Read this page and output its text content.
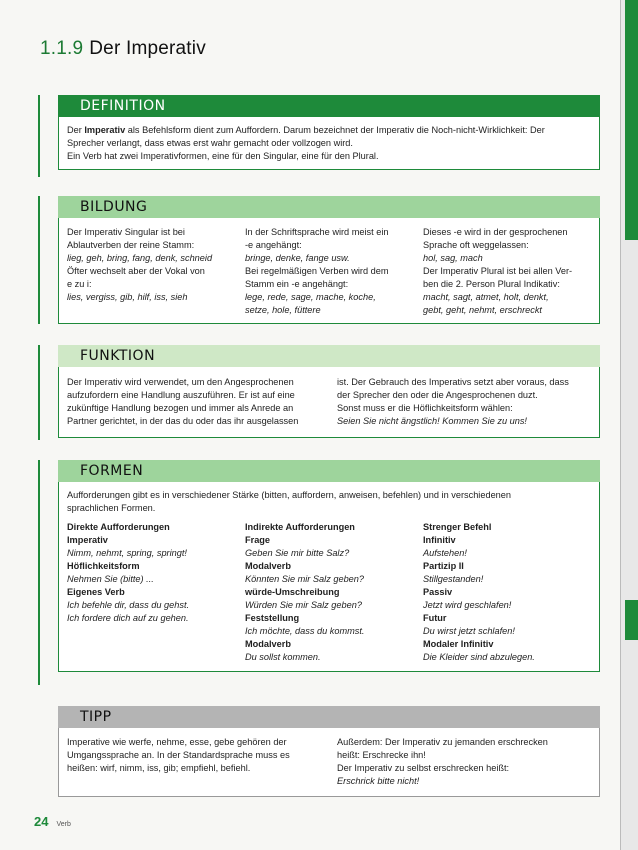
1.1.9 Der Imperativ
DEFINITION
Der Imperativ als Befehlsform dient zum Auffordern. Darum bezeichnet der Imperativ die Noch-nicht-Wirklichkeit: Der
Sprecher verlangt, dass etwas erst wahr gemacht oder vollzogen wird.
Ein Verb hat zwei Imperativformen, eine für den Singular, eine für den Plural.
BILDUNG
Der Imperativ Singular ist bei
Ablautverben der reine Stamm:
lieg, geh, bring, fang, denk, schneid
Öfter wechselt aber der Vokal von
e zu i:
lies, vergiss, gib, hilf, iss, sieh
In der Schriftsprache wird meist ein
-e angehängt:
bringe, denke, fange usw.
Bei regelmäßigen Verben wird dem
Stamm ein -e angehängt:
lege, rede, sage, mache, koche,
setze, hole, füttere
Dieses -e wird in der gesprochenen
Sprache oft weggelassen:
hol, sag, mach
Der Imperativ Plural ist bei allen Ver-
ben die 2. Person Plural Indikativ:
macht, sagt, atmet, holt, denkt,
gebt, geht, nehmt, erschreckt
FUNKTION
Der Imperativ wird verwendet, um den Angesprochenen
aufzufordern eine Handlung auszuführen. Er ist auf eine
zukünftige Handlung bezogen und immer als Anrede an
Partner gerichtet, in der das du oder das ihr ausgelassen
ist. Der Gebrauch des Imperativs setzt aber voraus, dass
der Sprecher den oder die Angesprochenen duzt.
Sonst muss er die Höflichkeitsform wählen:
Seien Sie nicht ängstlich! Kommen Sie zu uns!
FORMEN
Aufforderungen gibt es in verschiedener Stärke (bitten, auffordern, anweisen, befehlen) und in verschiedenen
sprachlichen Formen.
Direkte Aufforderungen
Imperativ
Nimm, nehmt, spring, springt!
Höflichkeitsform
Nehmen Sie (bitte) ...
Eigenes Verb
Ich befehle dir, dass du gehst.
Ich fordere dich auf zu gehen.
Indirekte Aufforderungen
Frage
Geben Sie mir bitte Salz?
Modalverb
Könnten Sie mir Salz geben?
würde-Umschreibung
Würden Sie mir Salz geben?
Feststellung
Ich möchte, dass du kommst.
Modalverb
Du sollst kommen.
Strenger Befehl
Infinitiv
Aufstehen!
Partizip II
Stillgestanden!
Passiv
Jetzt wird geschlafen!
Futur
Du wirst jetzt schlafen!
Modaler Infinitiv
Die Kleider sind abzulegen.
TIPP
Imperative wie werfe, nehme, esse, gebe gehören der
Umgangssprache an. In der Standardsprache muss es
heißen: wirf, nimm, iss, gib; empfiehl, befiehl.
Außerdem: Der Imperativ zu jemanden erschrecken
heißt: Erschrecke ihn!
Der Imperativ zu selbst erschrecken heißt:
Erschrick bitte nicht!
24 Verb
